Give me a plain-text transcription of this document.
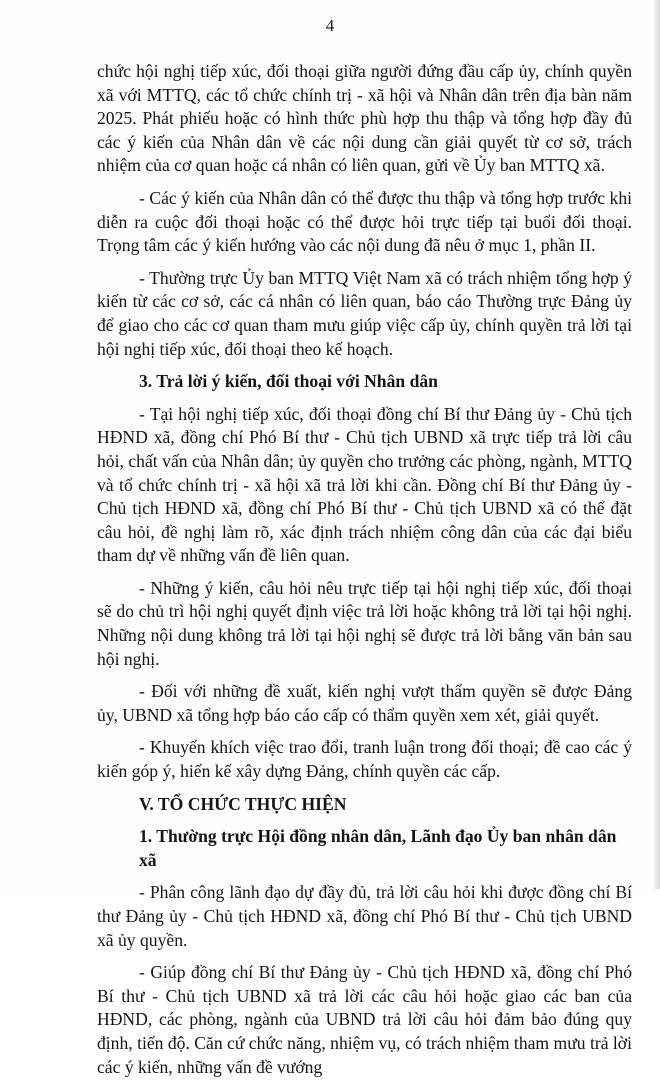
4

chức hội nghị tiếp xúc, đối thoại giữa người đứng đầu cấp ủy, chính quyền xã với MTTQ, các tổ chức chính trị - xã hội và Nhân dân trên địa bàn năm 2025. Phát phiếu hoặc có hình thức phù hợp thu thập và tổng hợp đầy đủ các ý kiến của Nhân dân về các nội dung cần giải quyết từ cơ sở, trách nhiệm của cơ quan hoặc cá nhân có liên quan, gửi về Ủy ban MTTQ xã.

- Các ý kiến của Nhân dân có thể được thu thập và tổng hợp trước khi diễn ra cuộc đối thoại hoặc có thể được hỏi trực tiếp tại buổi đối thoại. Trọng tâm các ý kiến hướng vào các nội dung đã nêu ở mục 1, phần II.

- Thường trực Ủy ban MTTQ Việt Nam xã có trách nhiệm tổng hợp ý kiến từ các cơ sở, các cá nhân có liên quan, báo cáo Thường trực Đảng ủy để giao cho các cơ quan tham mưu giúp việc cấp ủy, chính quyền trả lời tại hội nghị tiếp xúc, đối thoại theo kế hoạch.

3. Trả lời ý kiến, đối thoại với Nhân dân

- Tại hội nghị tiếp xúc, đối thoại đồng chí Bí thư Đảng ủy - Chủ tịch HĐND xã, đồng chí Phó Bí thư - Chủ tịch UBND xã trực tiếp trả lời câu hỏi, chất vấn của Nhân dân; ủy quyền cho trưởng các phòng, ngành, MTTQ và tổ chức chính trị - xã hội xã trả lời khi cần. Đồng chí Bí thư Đảng ủy - Chủ tịch HĐND xã, đồng chí Phó Bí thư - Chủ tịch UBND xã có thể đặt câu hỏi, đề nghị làm rõ, xác định trách nhiệm công dân của các đại biểu tham dự về những vấn đề liên quan.

- Những ý kiến, câu hỏi nêu trực tiếp tại hội nghị tiếp xúc, đối thoại sẽ do chủ trì hội nghị quyết định việc trả lời hoặc không trả lời tại hội nghị. Những nội dung không trả lời tại hội nghị sẽ được trả lời bằng văn bản sau hội nghị.

- Đối với những đề xuất, kiến nghị vượt thẩm quyền sẽ được Đảng ủy, UBND xã tổng hợp báo cáo cấp có thẩm quyền xem xét, giải quyết.

- Khuyến khích việc trao đổi, tranh luận trong đối thoại; đề cao các ý kiến góp ý, hiến kế xây dựng Đảng, chính quyền các cấp.

V. TỔ CHỨC THỰC HIỆN
1. Thường trực Hội đồng nhân dân, Lãnh đạo Ủy ban nhân dân xã

- Phân công lãnh đạo dự đầy đủ, trả lời câu hỏi khi được đồng chí Bí thư Đảng ủy - Chủ tịch HĐND xã, đồng chí Phó Bí thư - Chủ tịch UBND xã ủy quyền.

- Giúp đồng chí Bí thư Đảng ủy - Chủ tịch HĐND xã, đồng chí Phó Bí thư - Chủ tịch UBND xã trả lời các câu hỏi hoặc giao các ban của HĐND, các phòng, ngành của UBND trả lời câu hỏi đảm bảo đúng quy định, tiến độ. Căn cứ chức năng, nhiệm vụ, có trách nhiệm tham mưu trả lời các ý kiến, những vấn đề vướng
